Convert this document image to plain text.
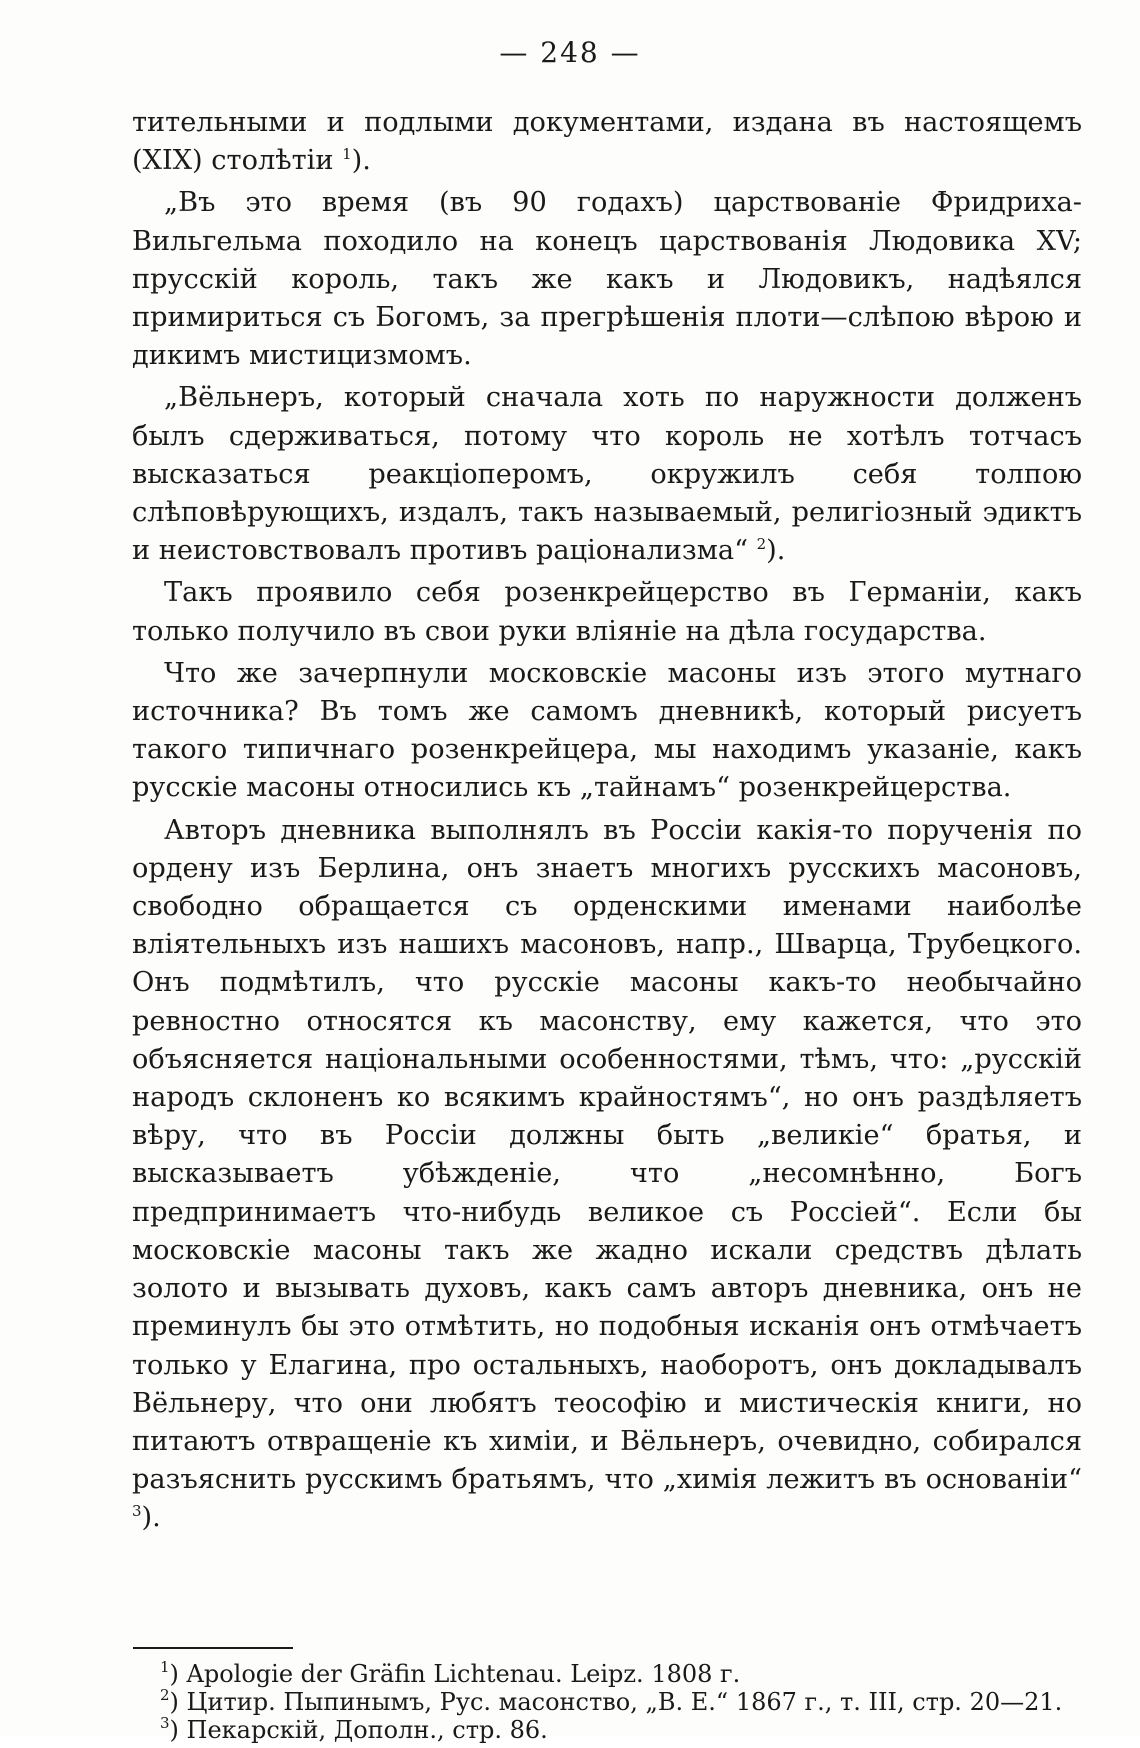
— 248 —

тительными и подлыми документами, издана въ настоящемъ (XIX) столѣтіи $^1$).

„Въ это время (въ 90 годахъ) царствованіе Фридриха-Вильгельма походило на конецъ царствованія Людовика XV; прусскій король, такъ же какъ и Людовикъ, надѣялся примириться съ Богомъ, за прегрѣшенія плоти—слѣпою вѣрою и дикимъ мистицизмомъ.

„Вёльнеръ, который сначала хоть по наружности долженъ былъ сдерживаться, потому что король не хотѣлъ тотчасъ высказаться реакціоперомъ, окружилъ себя толпою слѣповѣрующихъ, издалъ, такъ называемый, религіозный эдиктъ и неистовствовалъ противъ раціонализма“ $^2$).

Такъ проявило себя розенкрейцерство въ Германіи, какъ только получило въ свои руки вліяніе на дѣла государства.

Что же зачерпнули московскіе масоны изъ этого мутнаго источника? Въ томъ же самомъ дневникѣ, который рисуетъ такого типичнаго розенкрейцера, мы находимъ указаніе, какъ русскіе масоны относились къ „тайнамъ“ розенкрейцерства.

Авторъ дневника выполнялъ въ Россіи какія-то порученія по ордену изъ Берлина, онъ знаетъ многихъ русскихъ масоновъ, свободно обращается съ орденскими именами наиболѣе вліятельныхъ изъ нашихъ масоновъ, напр., Шварца, Трубецкого. Онъ подмѣтилъ, что русскіе масоны какъ-то необычайно ревностно относятся къ масонству, ему кажется, что это объясняется національными особенностями, тѣмъ, что: „русскій народъ склоненъ ко всякимъ крайностямъ“, но онъ раздѣляетъ вѣру, что въ Россіи должны быть „великіе“ братья, и высказываетъ убѣжденіе, что „несомнѣнно, Богъ предпринимаетъ что-нибудь великое съ Россіей“. Если бы московскіе масоны такъ же жадно искали средствъ дѣлать золото и вызывать духовъ, какъ самъ авторъ дневника, онъ не преминулъ бы это отмѣтить, но подобныя исканія онъ отмѣчаетъ только у Елагина, про остальныхъ, наоборотъ, онъ докладывалъ Вёльнеру, что они любятъ теософію и мистическія книги, но питаютъ отвращеніе къ химіи, и Вёльнеръ, очевидно, собирался разъяснить русскимъ братьямъ, что „химія лежитъ въ основаніи“ $^3$).

$^1$) Apologie der Gräfin Lichtenau. Leipz. 1808 г.
$^2$) Цитир. Пыпинымъ, Рус. масонство, „В. Е.“ 1867 г., т. III, стр. 20—21.
$^3$) Пекарскій, Дополн., стр. 86.
